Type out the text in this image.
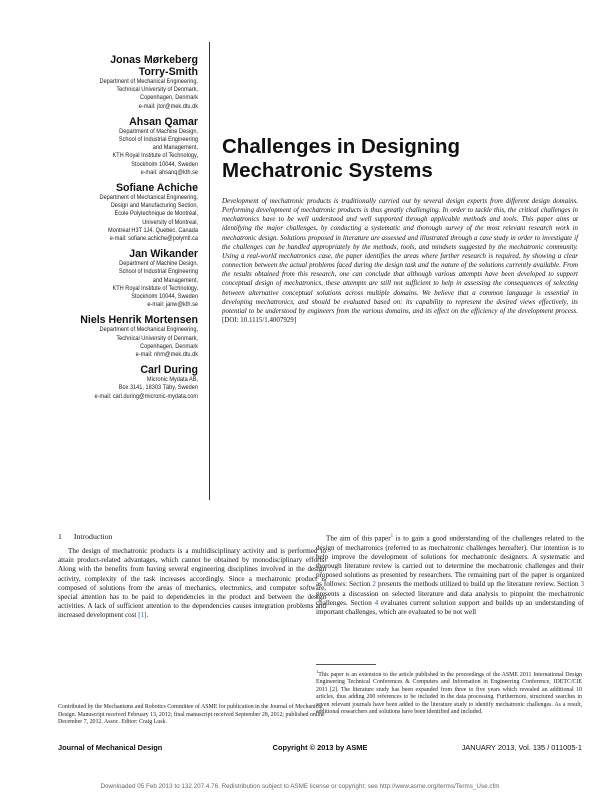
Jonas Mørkeberg
Torry-Smith
Department of Mechanical Engineering,
Technical University of Denmark,
Copenhagen, Denmark
e-mail: jtor@mek.dtu.dk
Ahsan Qamar
Department of Machine Design,
School of Industrial Engineering
and Management,
KTH Royal Institute of Technology,
Stockholm 10044, Sweden
e-mail: ahsanq@kth.se
Sofiane Achiche
Department of Mechanical Engineering,
Design and Manufacturing Section,
École Polytechnique de Montréal,
University of Montreal,
Montreal H3T 1J4, Quebec, Canada
e-mail: sofiane.achiche@polymtl.ca
Jan Wikander
Department of Machine Design,
School of Industrial Engineering
and Management,
KTH Royal Institute of Technology,
Stockholm 10044, Sweden
e-mail: janw@kth.se
Niels Henrik Mortensen
Department of Mechanical Engineering,
Technical University of Denmark,
Copenhagen, Denmark
e-mail: nhm@mek.dtu.dk
Carl During
Micronic Mydata AB,
Box 3141, 18303 Täby, Sweden
e-mail: carl.during@micronic-mydata.com
Challenges in Designing
Mechatronic Systems
Development of mechatronic products is traditionally carried out by several design experts from different design domains. Performing development of mechatronic products is thus greatly challenging. In order to tackle this, the critical challenges in mechatronics have to be well understood and well supported through applicable methods and tools. This paper aims at identifying the major challenges, by conducting a systematic and thorough survey of the most relevant research work in mechatronic design. Solutions proposed in literature are assessed and illustrated through a case study in order to investigate if the challenges can be handled appropriately by the methods, tools, and mindsets suggested by the mechatronic community. Using a real-world mechatronics case, the paper identifies the areas where further research is required, by showing a clear connection between the actual problems faced during the design task and the nature of the solutions currently available. From the results obtained from this research, one can conclude that although various attempts have been developed to support conceptual design of mechatronics, these attempts are still not sufficient to help in assessing the consequences of selecting between alternative conceptual solutions across multiple domains. We believe that a common language is essential in developing mechatronics, and should be evaluated based on: its capability to represent the desired views effectively, its potential to be understood by engineers from the various domains, and its effect on the efficiency of the development process. [DOI: 10.1115/1.4007929]
1 Introduction

The design of mechatronic products is a multidisciplinary activity and is performed to attain product-related advantages, which cannot be obtained by monodisciplinary efforts. Along with the benefits from having several engineering disciplines involved in the design activity, complexity of the task increases accordingly. Since a mechatronic product is composed of solutions from the areas of mechanics, electronics, and computer software, special attention has to be paid to dependencies in the product and between the design activities. A lack of sufficient attention to the dependencies causes integration problems and increased development cost [1].

The aim of this paper$^1$ is to gain a good understanding of the challenges related to the design of mechatronics (referred to as mechatronic challenges hereafter). Our intention is to help improve the development of solutions for mechatronic designers. A systematic and thorough literature review is carried out to determine the mechatronic challenges and their proposed solutions as presented by researchers. The remaining part of the paper is organized as follows: Section 2 presents the methods utilized to build up the literature review. Section 3 presents a discussion on selected literature and data analysis to pinpoint the mechatronic challenges. Section 4 evaluates current solution support and builds up an understanding of important challenges, which are evaluated to be not well

Contributed by the Mechanisms and Robotics Committee of ASME for publication in the Journal of Mechanical Design. Manuscript received February 13, 2012; final manuscript received September 28, 2012; published online December 7, 2012. Assoc. Editor: Craig Lusk.
$^1$This paper is an extension to the article published in the proceedings of the ASME 2011 International Design Engineering Technical Conferences & Computers and Information in Engineering Conference, IDETC/CIE 2011 [2]. The literature study has been expanded from three to five years which revealed an additional 10 articles, thus adding 200 references to be included in the data processing. Furthermore, structured searches in seven relevant journals have been added to the literature study to identify mechatronic challenges. As a result, additional researchers and solutions have been identified and included.
Journal of Mechanical Design	Copyright © 2013 by ASME	JANUARY 2013, Vol. 135 / 011005-1
Downloaded 05 Feb 2013 to 132.207.4.76. Redistribution subject to ASME license or copyright; see http://www.asme.org/terms/Terms_Use.cfm
